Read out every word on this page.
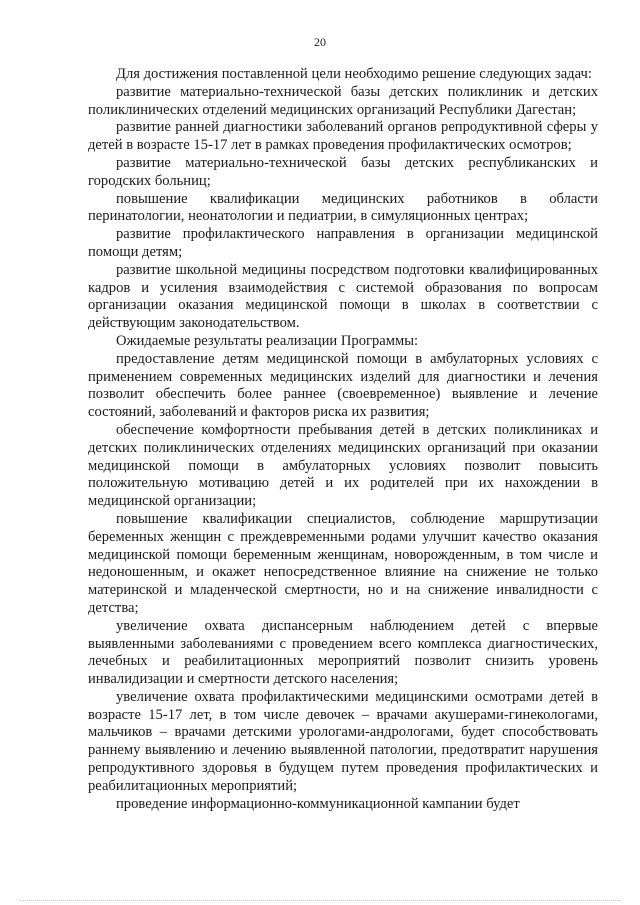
20

Для достижения поставленной цели необходимо решение следующих задач:

развитие материально-технической базы детских поликлиник и детских поликлинических отделений медицинских организаций Республики Дагестан;

развитие ранней диагностики заболеваний органов репродуктивной сферы у детей в возрасте 15-17 лет в рамках проведения профилактических осмотров;

развитие материально-технической базы детских республиканских и городских больниц;

повышение квалификации медицинских работников в области перинатологии, неонатологии и педиатрии, в симуляционных центрах;

развитие профилактического направления в организации медицинской помощи детям;

развитие школьной медицины посредством подготовки квалифицированных кадров и усиления взаимодействия с системой образования по вопросам организации оказания медицинской помощи в школах в соответствии с действующим законодательством.

Ожидаемые результаты реализации Программы:

предоставление детям медицинской помощи в амбулаторных условиях с применением современных медицинских изделий для диагностики и лечения позволит обеспечить более раннее (своевременное) выявление и лечение состояний, заболеваний и факторов риска их развития;

обеспечение комфортности пребывания детей в детских поликлиниках и детских поликлинических отделениях медицинских организаций при оказании медицинской помощи в амбулаторных условиях позволит повысить положительную мотивацию детей и их родителей при их нахождении в медицинской организации;

повышение квалификации специалистов, соблюдение маршрутизации беременных женщин с преждевременными родами улучшит качество оказания медицинской помощи беременным женщинам, новорожденным, в том числе и недоношенным, и окажет непосредственное влияние на снижение не только материнской и младенческой смертности, но и на снижение инвалидности с детства;

увеличение охвата диспансерным наблюдением детей с впервые выявленными заболеваниями с проведением всего комплекса диагностических, лечебных и реабилитационных мероприятий позволит снизить уровень инвалидизации и смертности детского населения;

увеличение охвата профилактическими медицинскими осмотрами детей в возрасте 15-17 лет, в том числе девочек – врачами акушерами-гинекологами, мальчиков – врачами детскими урологами-андрологами, будет способствовать раннему выявлению и лечению выявленной патологии, предотвратит нарушения репродуктивного здоровья в будущем путем проведения профилактических и реабилитационных мероприятий;

проведение информационно-коммуникационной кампании будет
